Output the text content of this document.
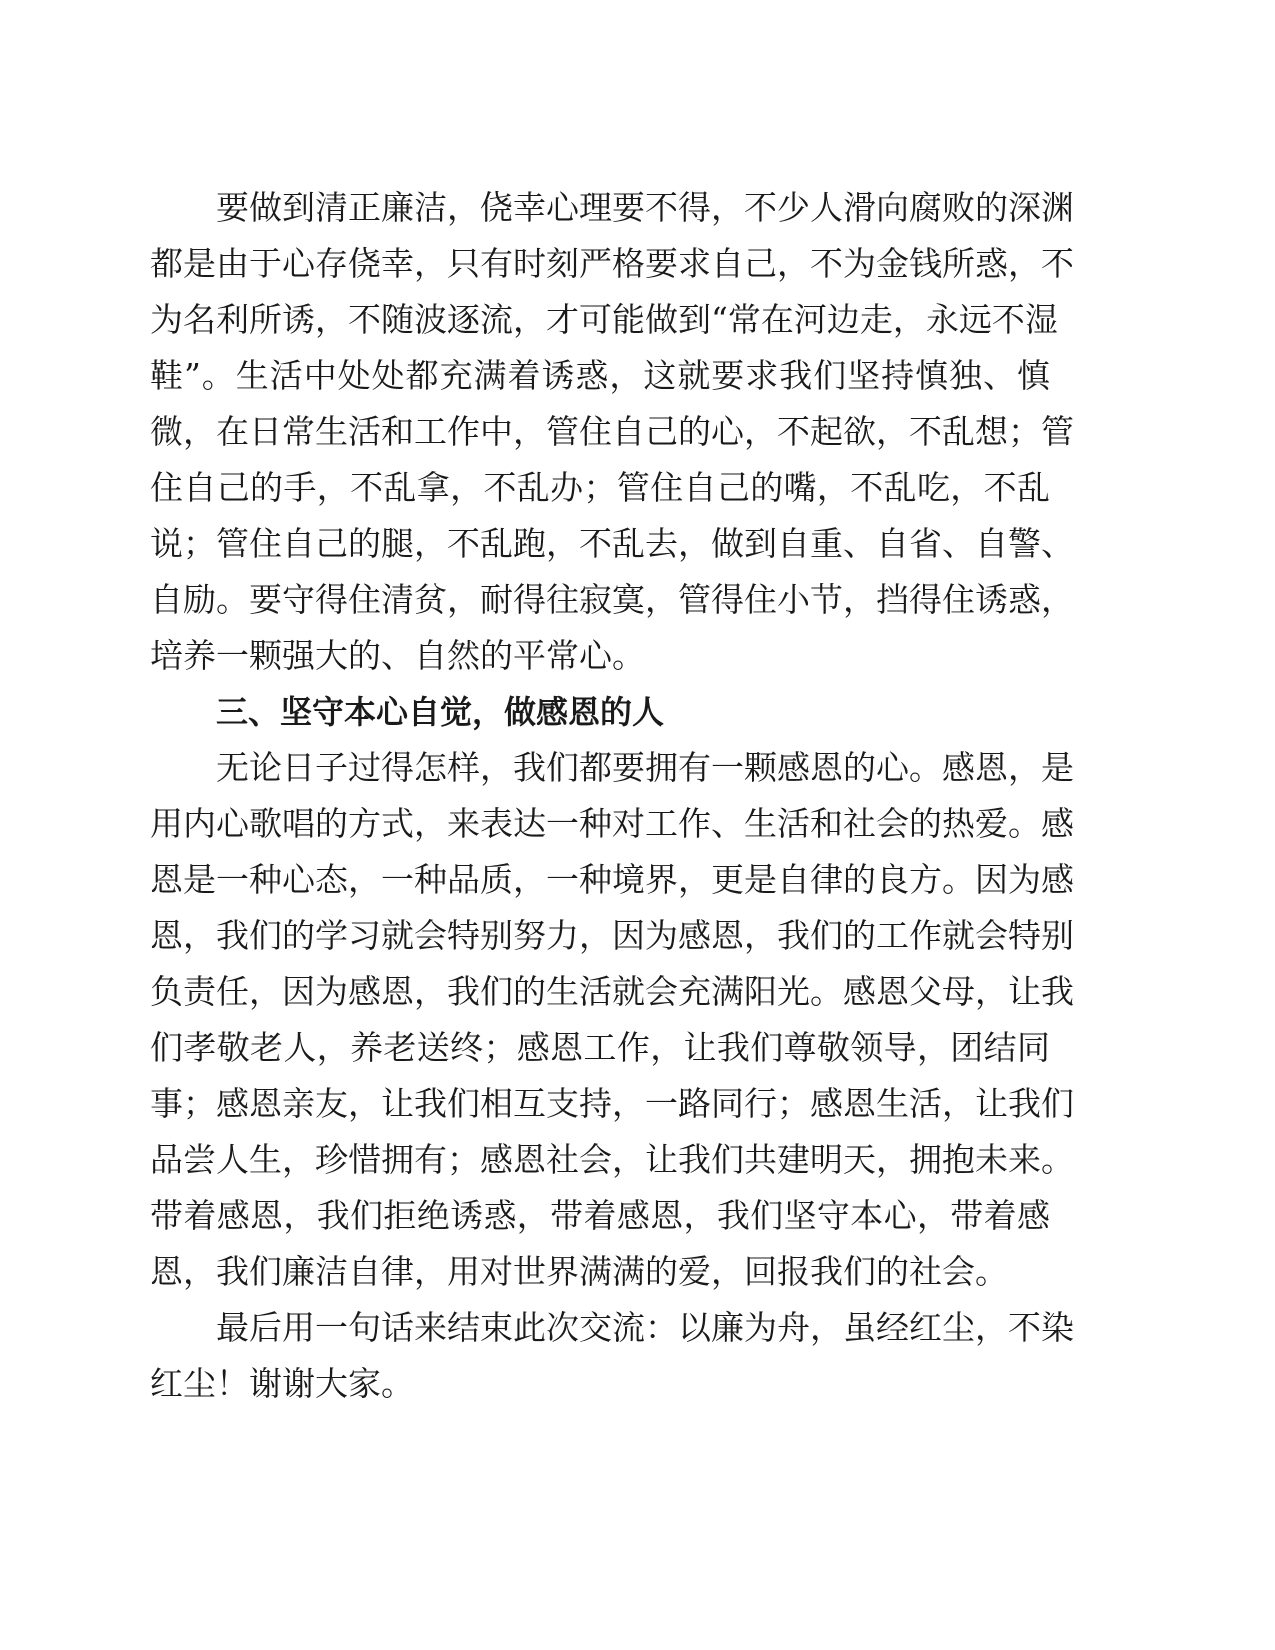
要做到清正廉洁，侥幸心理要不得，不少人滑向腐败的深渊
都是由于心存侥幸，只有时刻严格要求自己，不为金钱所惑，不
为名利所诱，不随波逐流，才可能做到“常在河边走，永远不湿
鞋”。生活中处处都充满着诱惑，这就要求我们坚持慎独、慎
微，在日常生活和工作中，管住自己的心，不起欲，不乱想；管
住自己的手，不乱拿，不乱办；管住自己的嘴，不乱吃，不乱
说；管住自己的腿，不乱跑，不乱去，做到自重、自省、自警、
自励。要守得住清贫，耐得往寂寞，管得住小节，挡得住诱惑，
培养一颗强大的、自然的平常心。
三、坚守本心自觉，做感恩的人
无论日子过得怎样，我们都要拥有一颗感恩的心。感恩，是
用内心歌唱的方式，来表达一种对工作、生活和社会的热爱。感
恩是一种心态，一种品质，一种境界，更是自律的良方。因为感
恩，我们的学习就会特别努力，因为感恩，我们的工作就会特别
负责任，因为感恩，我们的生活就会充满阳光。感恩父母，让我
们孝敬老人，养老送终；感恩工作，让我们尊敬领导，团结同
事；感恩亲友，让我们相互支持，一路同行；感恩生活，让我们
品尝人生，珍惜拥有；感恩社会，让我们共建明天，拥抱未来。
带着感恩，我们拒绝诱惑，带着感恩，我们坚守本心，带着感
恩，我们廉洁自律，用对世界满满的爱，回报我们的社会。
最后用一句话来结束此次交流：以廉为舟，虽经红尘，不染
红尘！谢谢大家。
